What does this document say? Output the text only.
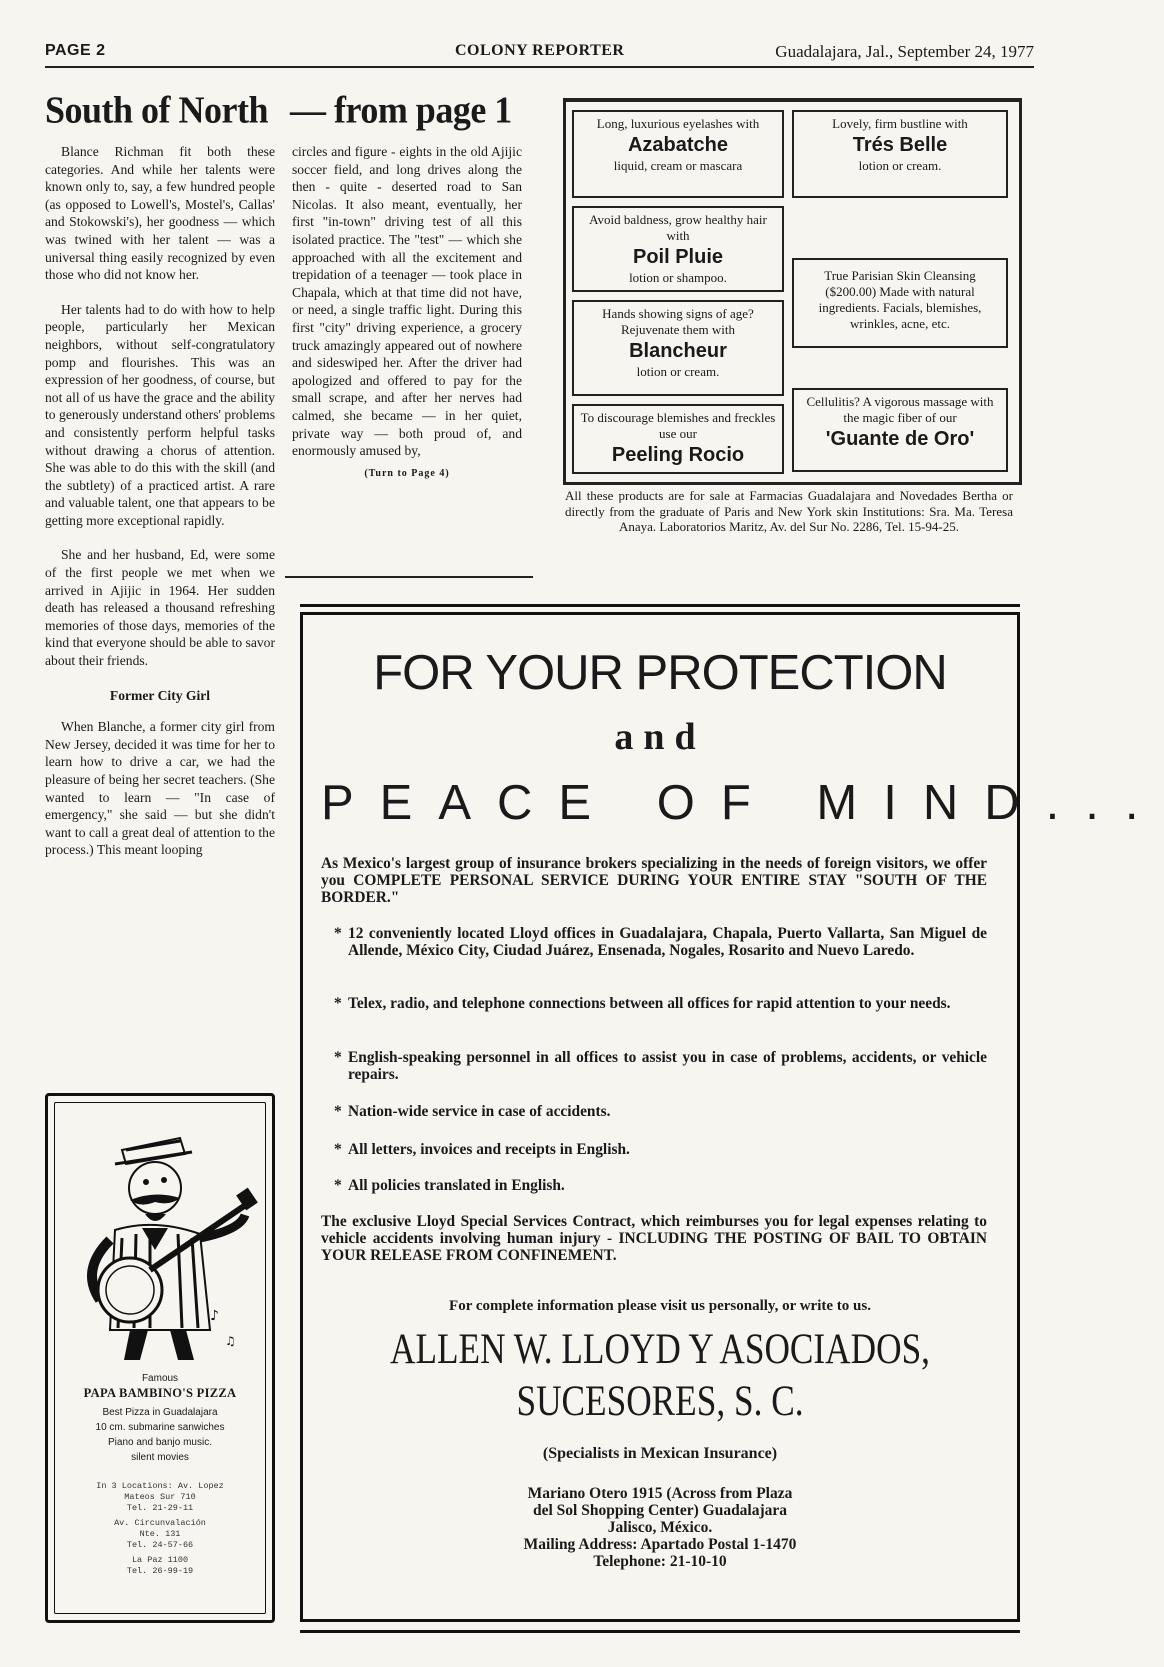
PAGE 2	COLONY REPORTER	Guadalajara, Jal., September 24, 1977
South of North — from page 1

Blance Richman fit both these categories. And while her talents were known only to, say, a few hundred people (as opposed to Lowell's, Mostel's, Callas' and Stokowski's), her goodness — which was twined with her talent — was a universal thing easily recognized by even those who did not know her.

Her talents had to do with how to help people, particularly her Mexican neighbors, without self-congratulatory pomp and flourishes. This was an expression of her goodness, of course, but not all of us have the grace and the ability to generously understand others' problems and consistently perform helpful tasks without drawing a chorus of attention. She was able to do this with the skill (and the subtlety) of a practiced artist. A rare and valuable talent, one that appears to be getting more exceptional rapidly.

She and her husband, Ed, were some of the first people we met when we arrived in Ajijic in 1964. Her sudden death has released a thousand refreshing memories of those days, memories of the kind that everyone should be able to savor about their friends.

Former City Girl

When Blanche, a former city girl from New Jersey, decided it was time for her to learn how to drive a car, we had the pleasure of being her secret teachers. (She wanted to learn — "In case of emergency," she said — but she didn't want to call a great deal of attention to the process.) This meant looping

circles and figure - eights in the old Ajijic soccer field, and long drives along the then - quite - deserted road to San Nicolas. It also meant, eventually, her first "in-town" driving test of all this isolated practice. The "test" — which she approached with all the excitement and trepidation of a teenager — took place in Chapala, which at that time did not have, or need, a single traffic light. During this first "city" driving experience, a grocery truck amazingly appeared out of nowhere and sideswiped her. After the driver had apologized and offered to pay for the small scrape, and after her nerves had calmed, she became — in her quiet, private way — both proud of, and enormously amused by,

(Turn to Page 4)

Long, luxurious eyelashes with
Azabatche
liquid, cream or mascara
Lovely, firm bustline with
Trés Belle
lotion or cream.
Avoid baldness, grow healthy hair with
Poil Pluie
lotion or shampoo.	True Parisian Skin Cleansing ($200.00) Made with natural ingredients. Facials, blemishes, wrinkles, acne, etc.
Hands showing signs of age? Rejuvenate them with
Blancheur
lotion or cream.
Cellulitis? A vigorous massage with the magic fiber of our
'Guante de Oro'
To discourage blemishes and freckles use our
Peeling Rocio
All these products are for sale at Farmacias Guadalajara and Novedades Bertha or directly from the graduate of Paris and New York skin Institutions: Sra. Ma. Teresa Anaya. Laboratorios Maritz, Av. del Sur No. 2286, Tel. 15-94-25.
FOR YOUR PROTECTION
and
PEACE OF MIND...
As Mexico's largest group of insurance brokers specializing in the needs of foreign visitors, we offer you COMPLETE PERSONAL SERVICE DURING YOUR ENTIRE STAY "SOUTH OF THE BORDER."
* 12 conveniently located Lloyd offices in Guadalajara, Chapala, Puerto Vallarta, San Miguel de Allende, México City, Ciudad Juárez, Ensenada, Nogales, Rosarito and Nuevo Laredo.
* Telex, radio, and telephone connections between all offices for rapid attention to your needs.
* English-speaking personnel in all offices to assist you in case of problems, accidents, or vehicle repairs.
* Nation-wide service in case of accidents.
* All letters, invoices and receipts in English.
* All policies translated in English.
The exclusive Lloyd Special Services Contract, which reimburses you for legal expenses relating to vehicle accidents involving human injury - INCLUDING THE POSTING OF BAIL TO OBTAIN YOUR RELEASE FROM CONFINEMENT.
For complete information please visit us personally, or write to us.
ALLEN W. LLOYD Y ASOCIADOS,
SUCESORES, S. C.
(Specialists in Mexican Insurance)
Mariano Otero 1915 (Across from Plaza
del Sol Shopping Center) Guadalajara
Jalisco, México.
Mailing Address: Apartado Postal 1-1470
Telephone: 21-10-10
♪
♫
Famous
PAPA BAMBINO'S PIZZA
Best Pizza in Guadalajara
10 cm. submarine sanwiches
Piano and banjo music.
silent movies
In 3 Locations: Av. Lopez
Mateos Sur 710
Tel. 21-29-11
Av. Circunvalación
Nte. 131
Tel. 24-57-66
La Paz 1100
Tel. 26-99-19
